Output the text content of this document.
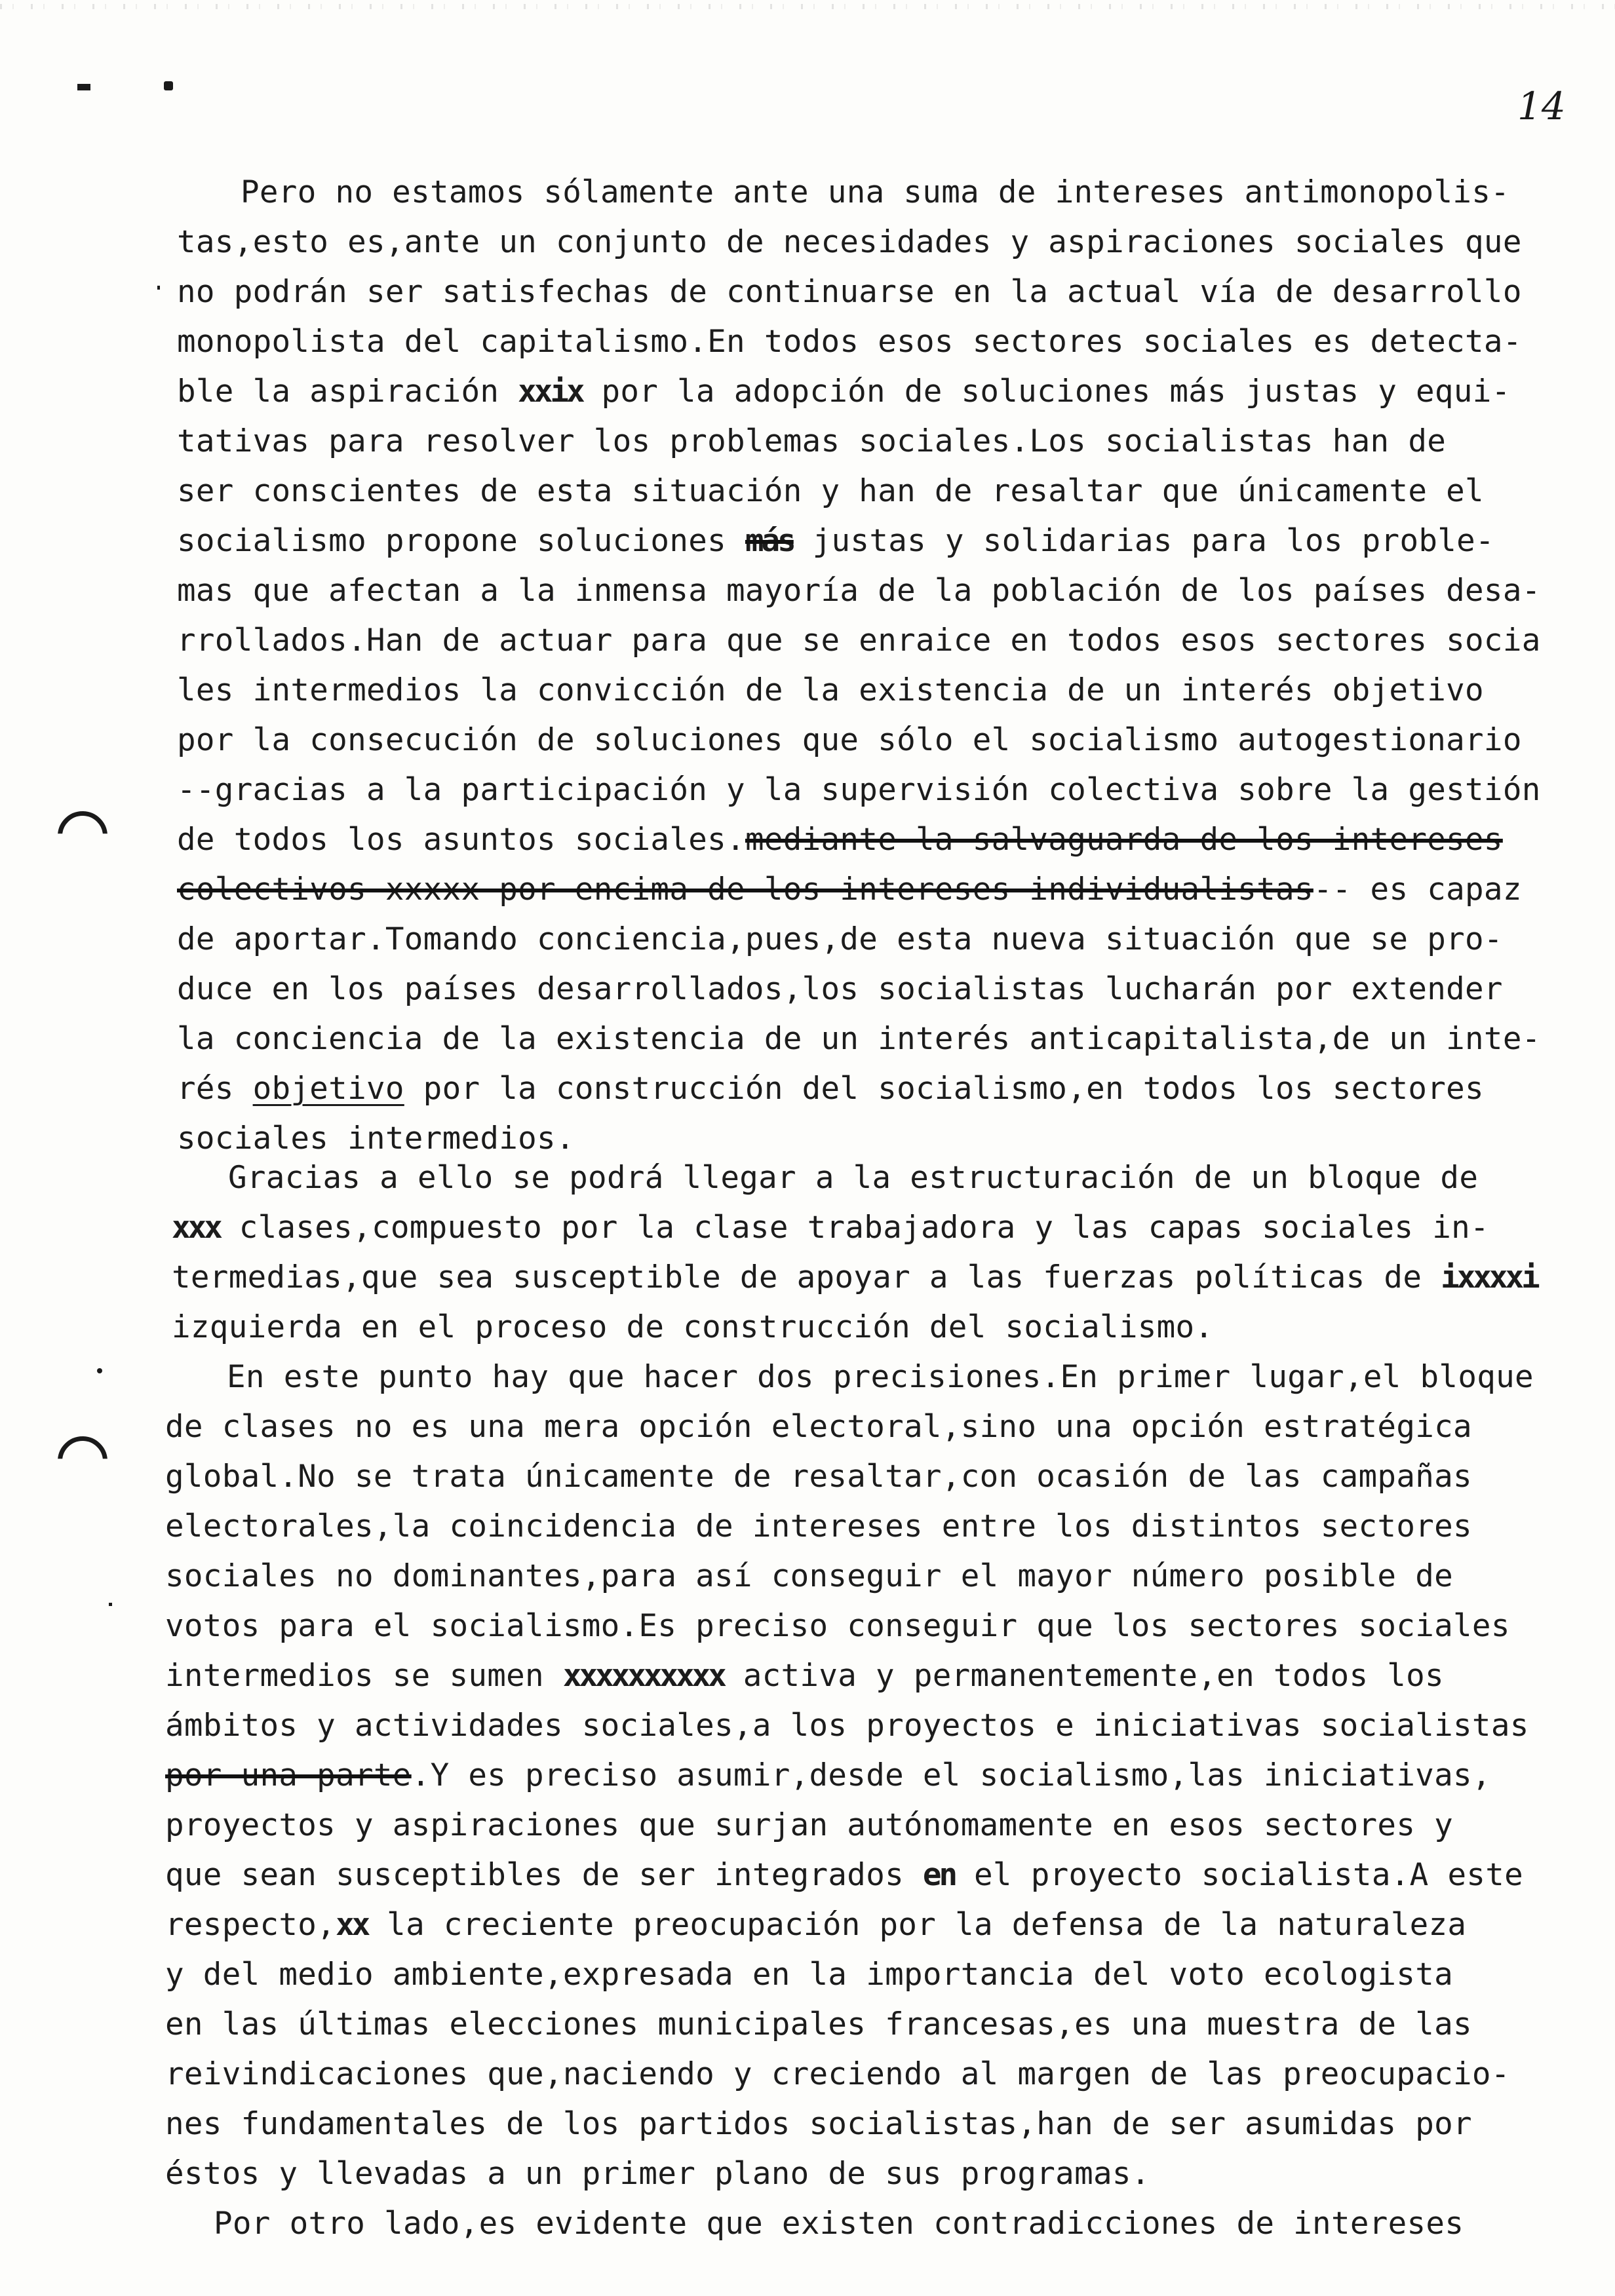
14
Pero no estamos sólamente ante una suma de intereses antimonopolis-
tas,esto es,ante un conjunto de necesidades y aspiraciones sociales que
no podrán ser satisfechas de continuarse en la actual vía de desarrollo
monopolista del capitalismo.En todos esos sectores sociales es detecta-
ble la aspiración xxix por la adopción de soluciones más justas y equi-
tativas para resolver los problemas sociales.Los socialistas han de
ser conscientes de esta situación y han de resaltar que únicamente el
socialismo propone soluciones más justas y solidarias para los proble-
mas que afectan a la inmensa mayoría de la población de los países desa-
rrollados.Han de actuar para que se enraice en todos esos sectores socia
les intermedios la convicción de la existencia de un interés objetivo
por la consecución de soluciones que sólo el socialismo autogestionario
--gracias a la participación y la supervisión colectiva sobre la gestión
de todos los asuntos sociales.mediante la salvaguarda de los intereses
colectivos xxxxx por encima de los intereses individualistas-- es capaz
de aportar.Tomando conciencia,pues,de esta nueva situación que se pro-
duce en los países desarrollados,los socialistas lucharán por extender
la conciencia de la existencia de un interés anticapitalista,de un inte-
rés objetivo por la construcción del socialismo,en todos los sectores
sociales intermedios.
Gracias a ello se podrá llegar a la estructuración de un bloque de
xxx clases,compuesto por la clase trabajadora y las capas sociales in-
termedias,que sea susceptible de apoyar a las fuerzas políticas de ixxxxi
izquierda en el proceso de construcción del socialismo.
En este punto hay que hacer dos precisiones.En primer lugar,el bloque
de clases no es una mera opción electoral,sino una opción estratégica
global.No se trata únicamente de resaltar,con ocasión de las campañas
electorales,la coincidencia de intereses entre los distintos sectores
sociales no dominantes,para así conseguir el mayor número posible de
votos para el socialismo.Es preciso conseguir que los sectores sociales
intermedios se sumen xxxxxxxxxx activa y permanentemente,en todos los
ámbitos y actividades sociales,a los proyectos e iniciativas socialistas
por una parte.Y es preciso asumir,desde el socialismo,las iniciativas,
proyectos y aspiraciones que surjan autónomamente en esos sectores y
que sean susceptibles de ser integrados en el proyecto socialista.A este
respecto,xx la creciente preocupación por la defensa de la naturaleza
y del medio ambiente,expresada en la importancia del voto ecologista
en las últimas elecciones municipales francesas,es una muestra de las
reivindicaciones que,naciendo y creciendo al margen de las preocupacio-
nes fundamentales de los partidos socialistas,han de ser asumidas por
éstos y llevadas a un primer plano de sus programas.
Por otro lado,es evidente que existen contradicciones de intereses
